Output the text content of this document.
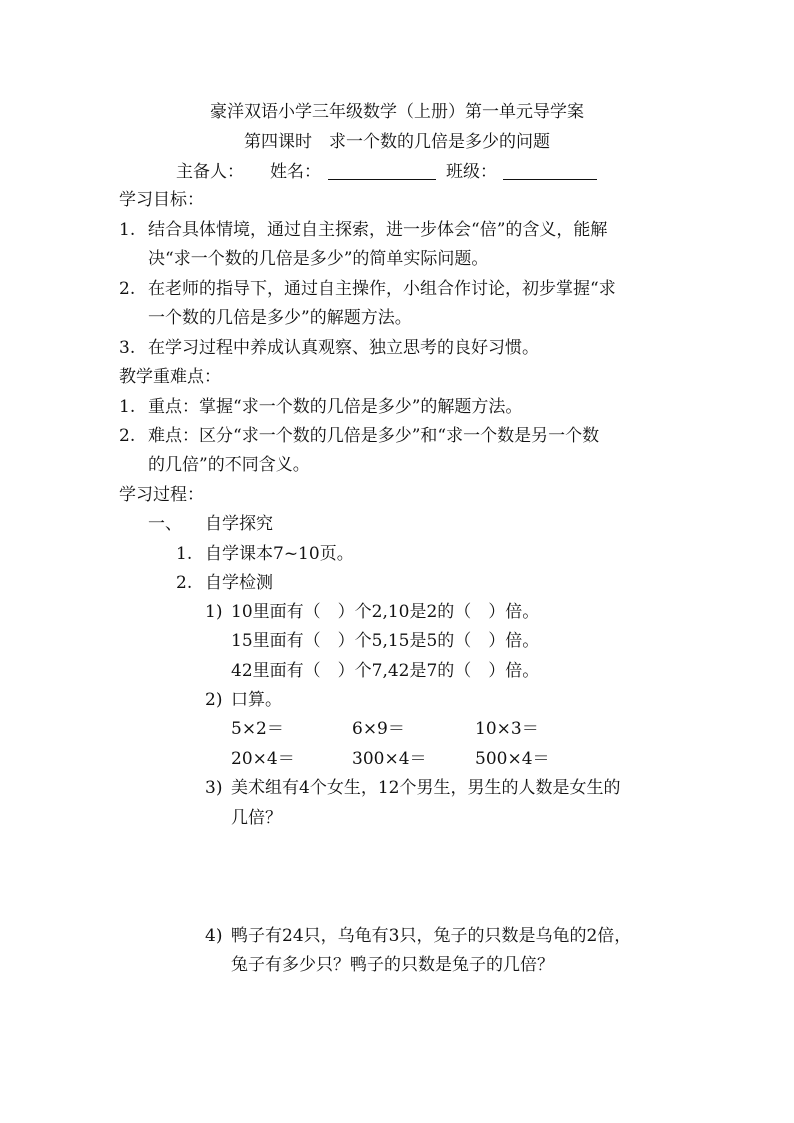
豪洋双语小学三年级数学（上册）第一单元导学案
第四课时　求一个数的几倍是多少的问题
主备人： 姓名：	班级：
学习目标：
1. 结合具体情境，通过自主探索，进一步体会“倍”的含义，能解
决“求一个数的几倍是多少”的简单实际问题。
2. 在老师的指导下，通过自主操作，小组合作讨论，初步掌握“求
一个数的几倍是多少”的解题方法。
3. 在学习过程中养成认真观察、独立思考的良好习惯。
教学重难点：
1. 重点：掌握“求一个数的几倍是多少”的解题方法。
2. 难点：区分“求一个数的几倍是多少”和“求一个数是另一个数
的几倍”的不同含义。
学习过程：
一、 自学探究
1. 自学课本7~10页。
2. 自学检测
1) 10里面有（　）个2,10是2的（　）倍。
15里面有（　）个5,15是5的（　）倍。
42里面有（　）个7,42是7的（　）倍。
2) 口算。
5×2＝	6×9＝	10×3＝
20×4＝	300×4＝	500×4＝
3) 美术组有4个女生，12个男生，男生的人数是女生的
几倍？
4) 鸭子有24只，乌龟有3只，兔子的只数是乌龟的2倍，
兔子有多少只？鸭子的只数是兔子的几倍？
